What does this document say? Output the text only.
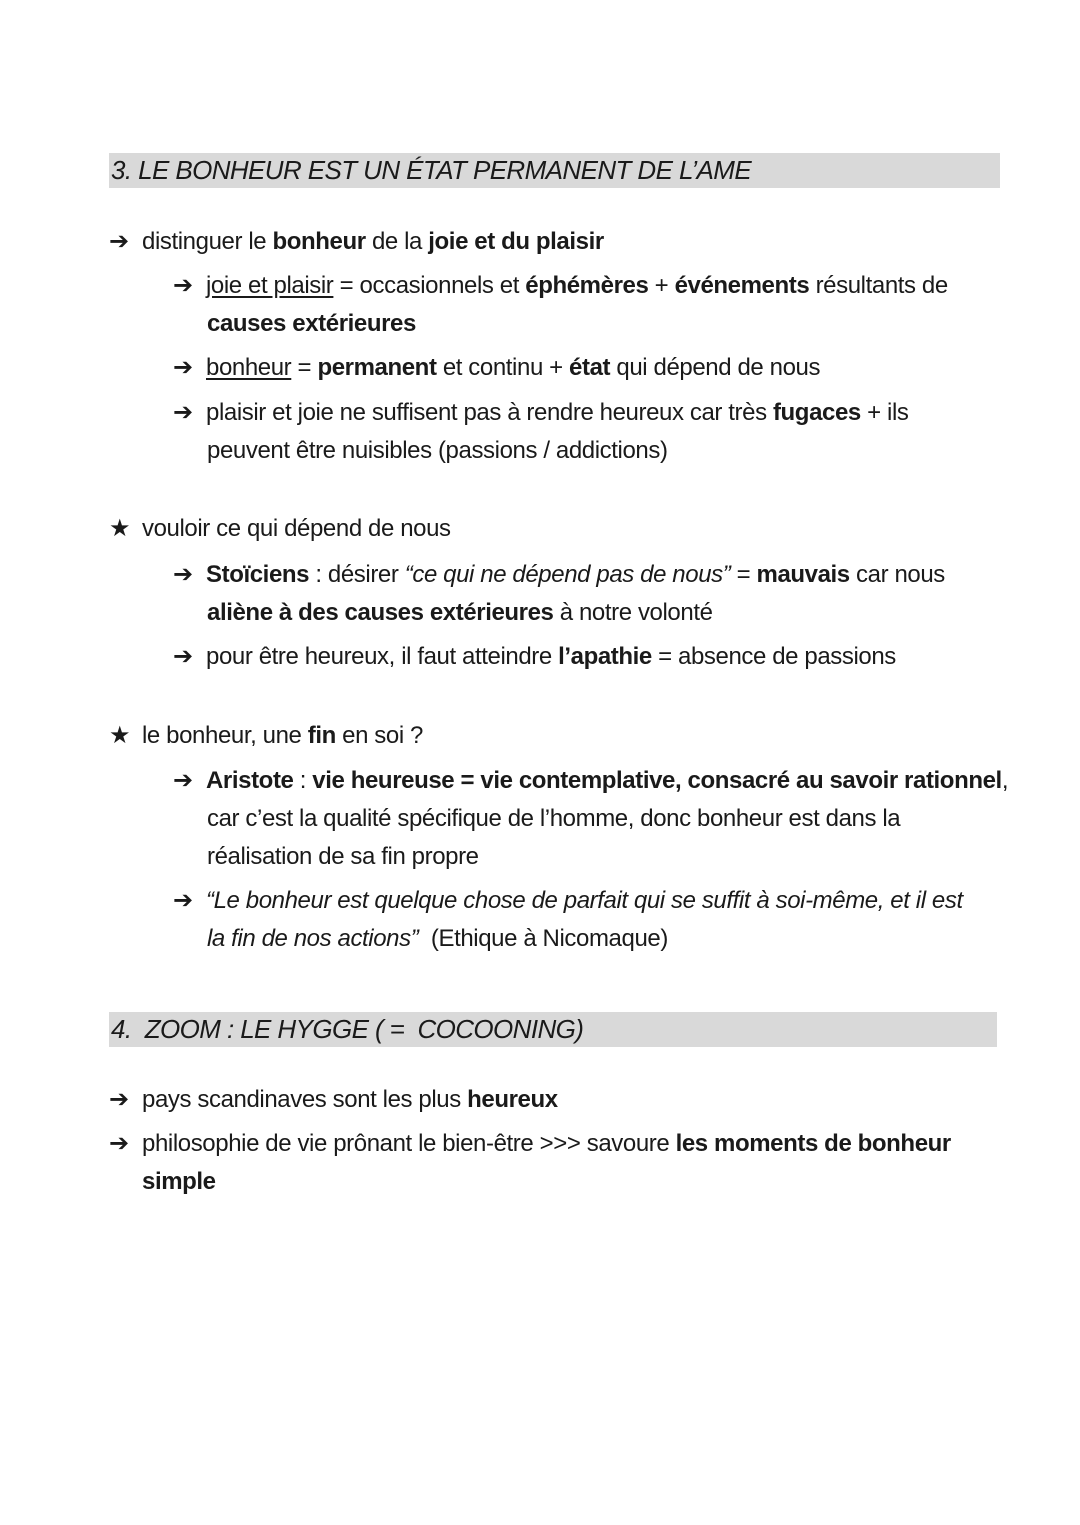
3. LE BONHEUR EST UN ÉTAT PERMANENT DE L’AME
➔ distinguer le bonheur de la joie et du plaisir
➔ joie et plaisir = occasionnels et éphémères + événements résultants de
causes extérieures
➔ bonheur = permanent et continu + état qui dépend de nous
➔ plaisir et joie ne suffisent pas à rendre heureux car très fugaces + ils
peuvent être nuisibles (passions / addictions)
★ vouloir ce qui dépend de nous
➔ Stoïciens : désirer “ce qui ne dépend pas de nous” = mauvais car nous
aliène à des causes extérieures à notre volonté
➔ pour être heureux, il faut atteindre l’apathie = absence de passions
★ le bonheur, une fin en soi ?
➔ Aristote : vie heureuse = vie contemplative, consacré au savoir rationnel,
car c’est la qualité spécifique de l’homme, donc bonheur est dans la
réalisation de sa fin propre
➔ “Le bonheur est quelque chose de parfait qui se suffit à soi-même, et il est
la fin de nos actions”  (Ethique à Nicomaque)
4.  ZOOM : LE HYGGE ( =  COCOONING)
➔ pays scandinaves sont les plus heureux
➔ philosophie de vie prônant le bien-être >>> savoure les moments de bonheur
simple
